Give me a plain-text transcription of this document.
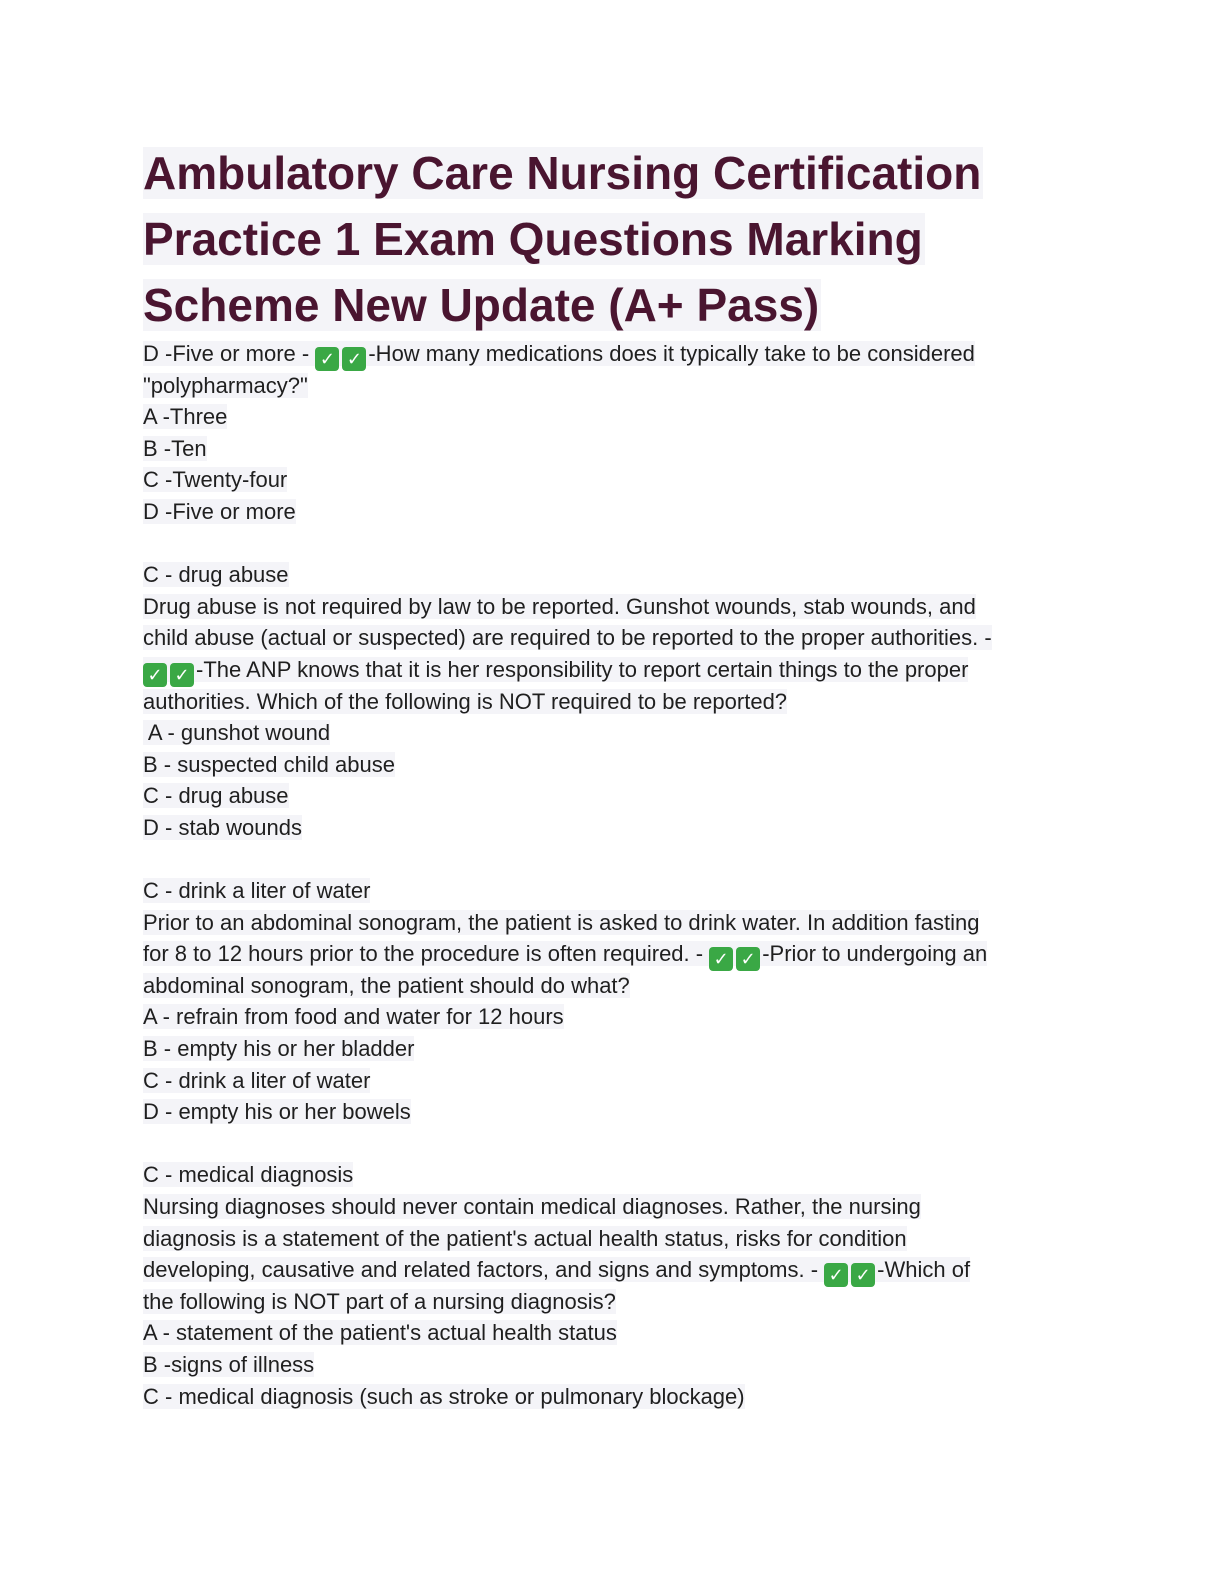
Ambulatory Care Nursing Certification
Practice 1 Exam Questions Marking
Scheme New Update (A+ Pass)
D -Five or more - ✓ ✓ -How many medications does it typically take to be considered
"polypharmacy?"
A -Three
B -Ten
C -Twenty-four
D -Five or more
C - drug abuse
Drug abuse is not required by law to be reported. Gunshot wounds, stab wounds, and
child abuse (actual or suspected) are required to be reported to the proper authorities. -
✓ ✓ -The ANP knows that it is her responsibility to report certain things to the proper
authorities. Which of the following is NOT required to be reported?
A - gunshot wound
B - suspected child abuse
C - drug abuse
D - stab wounds
C - drink a liter of water
Prior to an abdominal sonogram, the patient is asked to drink water. In addition fasting
for 8 to 12 hours prior to the procedure is often required. - ✓ ✓ -Prior to undergoing an
abdominal sonogram, the patient should do what?
A - refrain from food and water for 12 hours
B - empty his or her bladder
C - drink a liter of water
D - empty his or her bowels
C - medical diagnosis
Nursing diagnoses should never contain medical diagnoses. Rather, the nursing
diagnosis is a statement of the patient's actual health status, risks for condition
developing, causative and related factors, and signs and symptoms. - ✓ ✓ -Which of
the following is NOT part of a nursing diagnosis?
A - statement of the patient's actual health status
B -signs of illness
C - medical diagnosis (such as stroke or pulmonary blockage)
